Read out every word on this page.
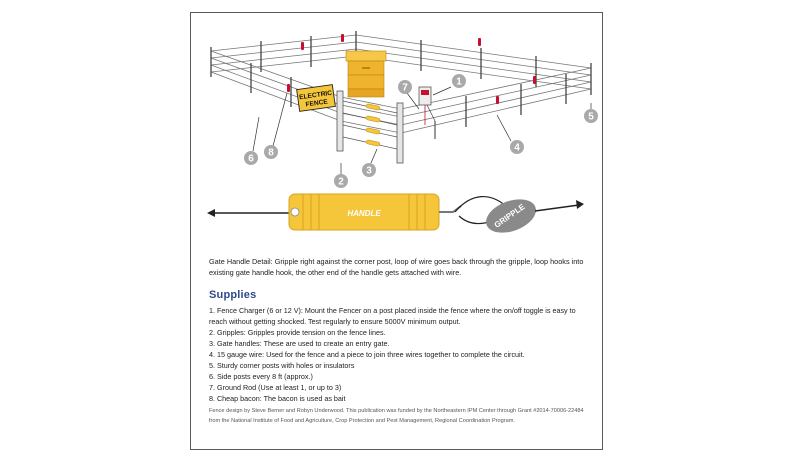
ELECTRIC
FENCE
1
2
3
4
5
6
7
8
HANDLE	GRIPPLE
Gate Handle Detail: Gripple right against the corner post, loop of wire goes back through the gripple, loop hooks into existing gate handle hook, the other end of the handle gets attached with wire.
Supplies
1. Fence Charger (6 or 12 V): Mount the Fencer on a post placed inside the fence where the on/off toggle is easy to reach without getting shocked. Test regularly to ensure 5000V minimum output.
2. Gripples: Gripples provide tension on the fence lines.
3. Gate handles: These are used to create an entry gate.
4. 15 gauge wire: Used for the fence and a piece to join three wires together to complete the circuit.
5. Sturdy corner posts with holes or insulators
6. Side posts every 8 ft (approx.)
7. Ground Rod (Use at least 1, or up to 3)
8. Cheap bacon: The bacon is used as bait
Fence design by Steve Berner and Robyn Underwood. This publication was funded by the Northeastern IPM Center through Grant #2014-70006-22484 from the National Institute of Food and Agriculture, Crop Protection and Pest Management, Regional Coordination Program.
